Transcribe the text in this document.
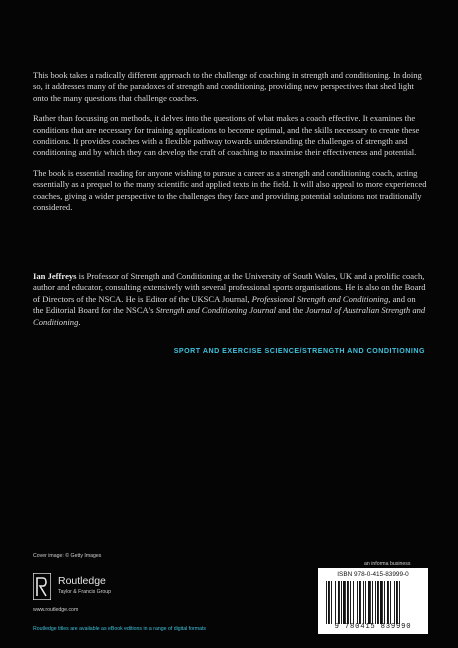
This book takes a radically different approach to the challenge of coaching in strength and conditioning. In doing so, it addresses many of the paradoxes of strength and conditioning, providing new perspectives that shed light onto the many questions that challenge coaches.

Rather than focussing on methods, it delves into the questions of what makes a coach effective. It examines the conditions that are necessary for training applications to become optimal, and the skills necessary to create these conditions. It provides coaches with a flexible pathway towards understanding the challenges of strength and conditioning and by which they can develop the craft of coaching to maximise their effectiveness and potential.

The book is essential reading for anyone wishing to pursue a career as a strength and conditioning coach, acting essentially as a prequel to the many scientific and applied texts in the field. It will also appeal to more experienced coaches, giving a wider perspective to the challenges they face and providing potential solutions not traditionally considered.

Ian Jeffreys is Professor of Strength and Conditioning at the University of South Wales, UK and a prolific coach, author and educator, consulting extensively with several professional sports organisations. He is also on the Board of Directors of the NSCA. He is Editor of the UKSCA Journal, Professional Strength and Conditioning, and on the Editorial Board for the NSCA's Strength and Conditioning Journal and the Journal of Australian Strength and Conditioning.

SPORT AND EXERCISE SCIENCE/STRENGTH AND CONDITIONING
Cover image: © Getty Images
an informa business
Routledge
Taylor & Francis Group
www.routledge.com
ISBN 978-0-415-83999-0
9 780415 839990
Routledge titles are available as eBook editions in a range of digital formats
